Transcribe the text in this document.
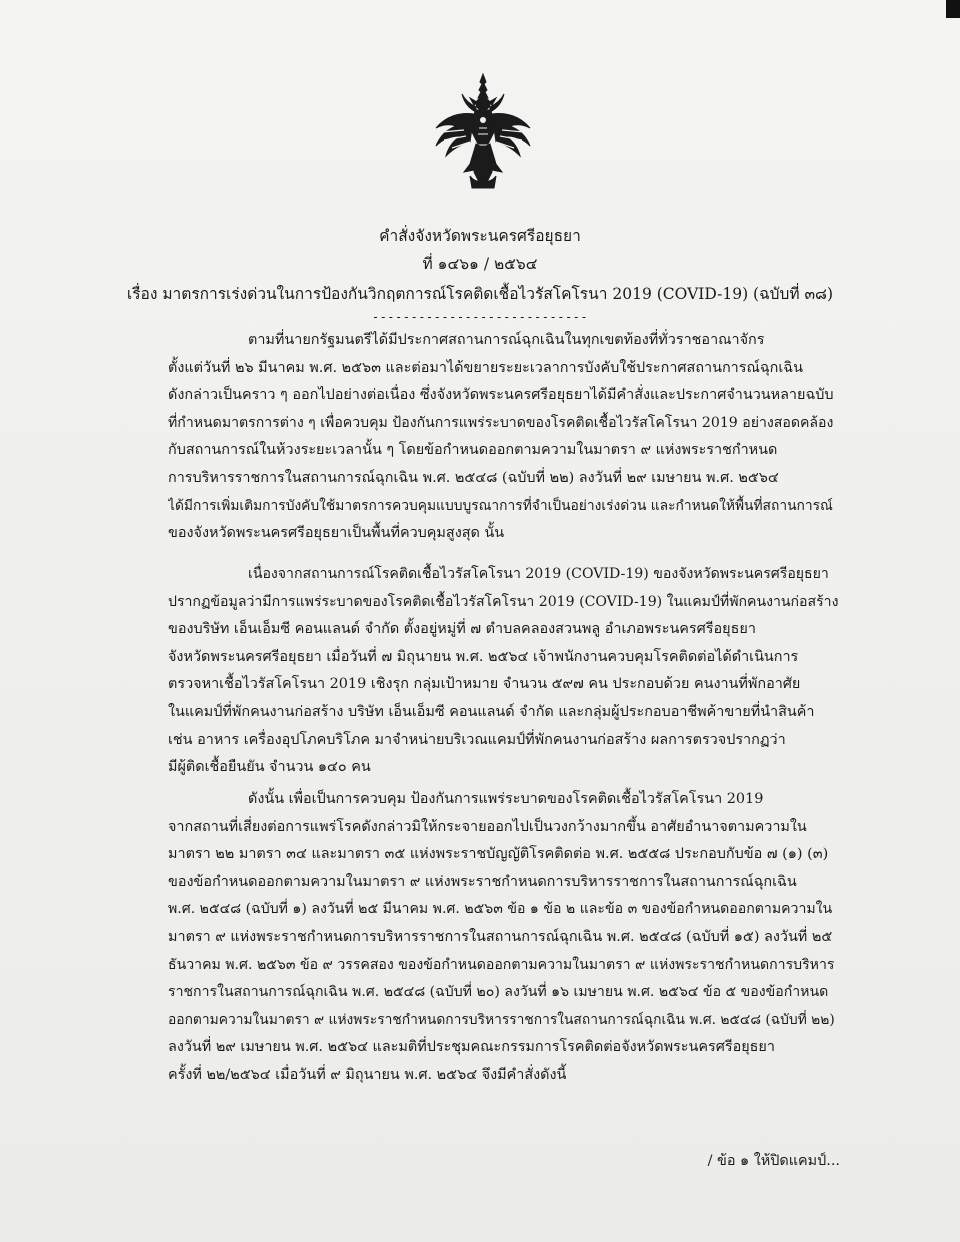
คำสั่งจังหวัดพระนครศรีอยุธยา
ที่ ๑๔๖๑ / ๒๕๖๔
เรื่อง มาตรการเร่งด่วนในการป้องกันวิกฤตการณ์โรคติดเชื้อไวรัสโคโรนา 2019 (COVID-19) (ฉบับที่ ๓๘)
----------------------------
ตามที่นายกรัฐมนตรีได้มีประกาศสถานการณ์ฉุกเฉินในทุกเขตท้องที่ทั่วราชอาณาจักร
ตั้งแต่วันที่ ๒๖ มีนาคม พ.ศ. ๒๕๖๓ และต่อมาได้ขยายระยะเวลาการบังคับใช้ประกาศสถานการณ์ฉุกเฉิน
ดังกล่าวเป็นคราว ๆ ออกไปอย่างต่อเนื่อง ซึ่งจังหวัดพระนครศรีอยุธยาได้มีคำสั่งและประกาศจำนวนหลายฉบับ
ที่กำหนดมาตรการต่าง ๆ เพื่อควบคุม ป้องกันการแพร่ระบาดของโรคติดเชื้อไวรัสโคโรนา 2019 อย่างสอดคล้อง
กับสถานการณ์ในห้วงระยะเวลานั้น ๆ โดยข้อกำหนดออกตามความในมาตรา ๙ แห่งพระราชกำหนด
การบริหารราชการในสถานการณ์ฉุกเฉิน พ.ศ. ๒๕๔๘ (ฉบับที่ ๒๒) ลงวันที่ ๒๙ เมษายน พ.ศ. ๒๕๖๔
ได้มีการเพิ่มเติมการบังคับใช้มาตรการควบคุมแบบบูรณาการที่จำเป็นอย่างเร่งด่วน และกำหนดให้พื้นที่สถานการณ์
ของจังหวัดพระนครศรีอยุธยาเป็นพื้นที่ควบคุมสูงสุด นั้น
เนื่องจากสถานการณ์โรคติดเชื้อไวรัสโคโรนา 2019 (COVID-19) ของจังหวัดพระนครศรีอยุธยา
ปรากฏข้อมูลว่ามีการแพร่ระบาดของโรคติดเชื้อไวรัสโคโรนา 2019 (COVID-19) ในแคมป์ที่พักคนงานก่อสร้าง
ของบริษัท เอ็นเอ็มซี คอนแลนด์ จำกัด ตั้งอยู่หมู่ที่ ๗ ตำบลคลองสวนพลู อำเภอพระนครศรีอยุธยา
จังหวัดพระนครศรีอยุธยา เมื่อวันที่ ๗ มิถุนายน พ.ศ. ๒๕๖๔ เจ้าพนักงานควบคุมโรคติดต่อได้ดำเนินการ
ตรวจหาเชื้อไวรัสโคโรนา 2019 เชิงรุก กลุ่มเป้าหมาย จำนวน ๕๙๗ คน ประกอบด้วย คนงานที่พักอาศัย
ในแคมป์ที่พักคนงานก่อสร้าง บริษัท เอ็นเอ็มซี คอนแลนด์ จำกัด และกลุ่มผู้ประกอบอาชีพค้าขายที่นำสินค้า
เช่น อาหาร เครื่องอุปโภคบริโภค มาจำหน่ายบริเวณแคมป์ที่พักคนงานก่อสร้าง ผลการตรวจปรากฏว่า
มีผู้ติดเชื้อยืนยัน จำนวน ๑๔๐ คน
ดังนั้น เพื่อเป็นการควบคุม ป้องกันการแพร่ระบาดของโรคติดเชื้อไวรัสโคโรนา 2019
จากสถานที่เสี่ยงต่อการแพร่โรคดังกล่าวมิให้กระจายออกไปเป็นวงกว้างมากขึ้น อาศัยอำนาจตามความใน
มาตรา ๒๒ มาตรา ๓๔ และมาตรา ๓๕ แห่งพระราชบัญญัติโรคติดต่อ พ.ศ. ๒๕๕๘ ประกอบกับข้อ ๗ (๑) (๓)
ของข้อกำหนดออกตามความในมาตรา ๙ แห่งพระราชกำหนดการบริหารราชการในสถานการณ์ฉุกเฉิน
พ.ศ. ๒๕๔๘ (ฉบับที่ ๑) ลงวันที่ ๒๕ มีนาคม พ.ศ. ๒๕๖๓ ข้อ ๑ ข้อ ๒ และข้อ ๓ ของข้อกำหนดออกตามความใน
มาตรา ๙ แห่งพระราชกำหนดการบริหารราชการในสถานการณ์ฉุกเฉิน พ.ศ. ๒๕๔๘ (ฉบับที่ ๑๕) ลงวันที่ ๒๕
ธันวาคม พ.ศ. ๒๕๖๓ ข้อ ๙ วรรคสอง ของข้อกำหนดออกตามความในมาตรา ๙ แห่งพระราชกำหนดการบริหาร
ราชการในสถานการณ์ฉุกเฉิน พ.ศ. ๒๕๔๘ (ฉบับที่ ๒๐) ลงวันที่ ๑๖ เมษายน พ.ศ. ๒๕๖๔ ข้อ ๕ ของข้อกำหนด
ออกตามความในมาตรา ๙ แห่งพระราชกำหนดการบริหารราชการในสถานการณ์ฉุกเฉิน พ.ศ. ๒๕๔๘ (ฉบับที่ ๒๒)
ลงวันที่ ๒๙ เมษายน พ.ศ. ๒๕๖๔ และมติที่ประชุมคณะกรรมการโรคติดต่อจังหวัดพระนครศรีอยุธยา
ครั้งที่ ๒๒/๒๕๖๔ เมื่อวันที่ ๙ มิถุนายน พ.ศ. ๒๕๖๔ จึงมีคำสั่งดังนี้
/ ข้อ ๑ ให้ปิดแคมป์...
